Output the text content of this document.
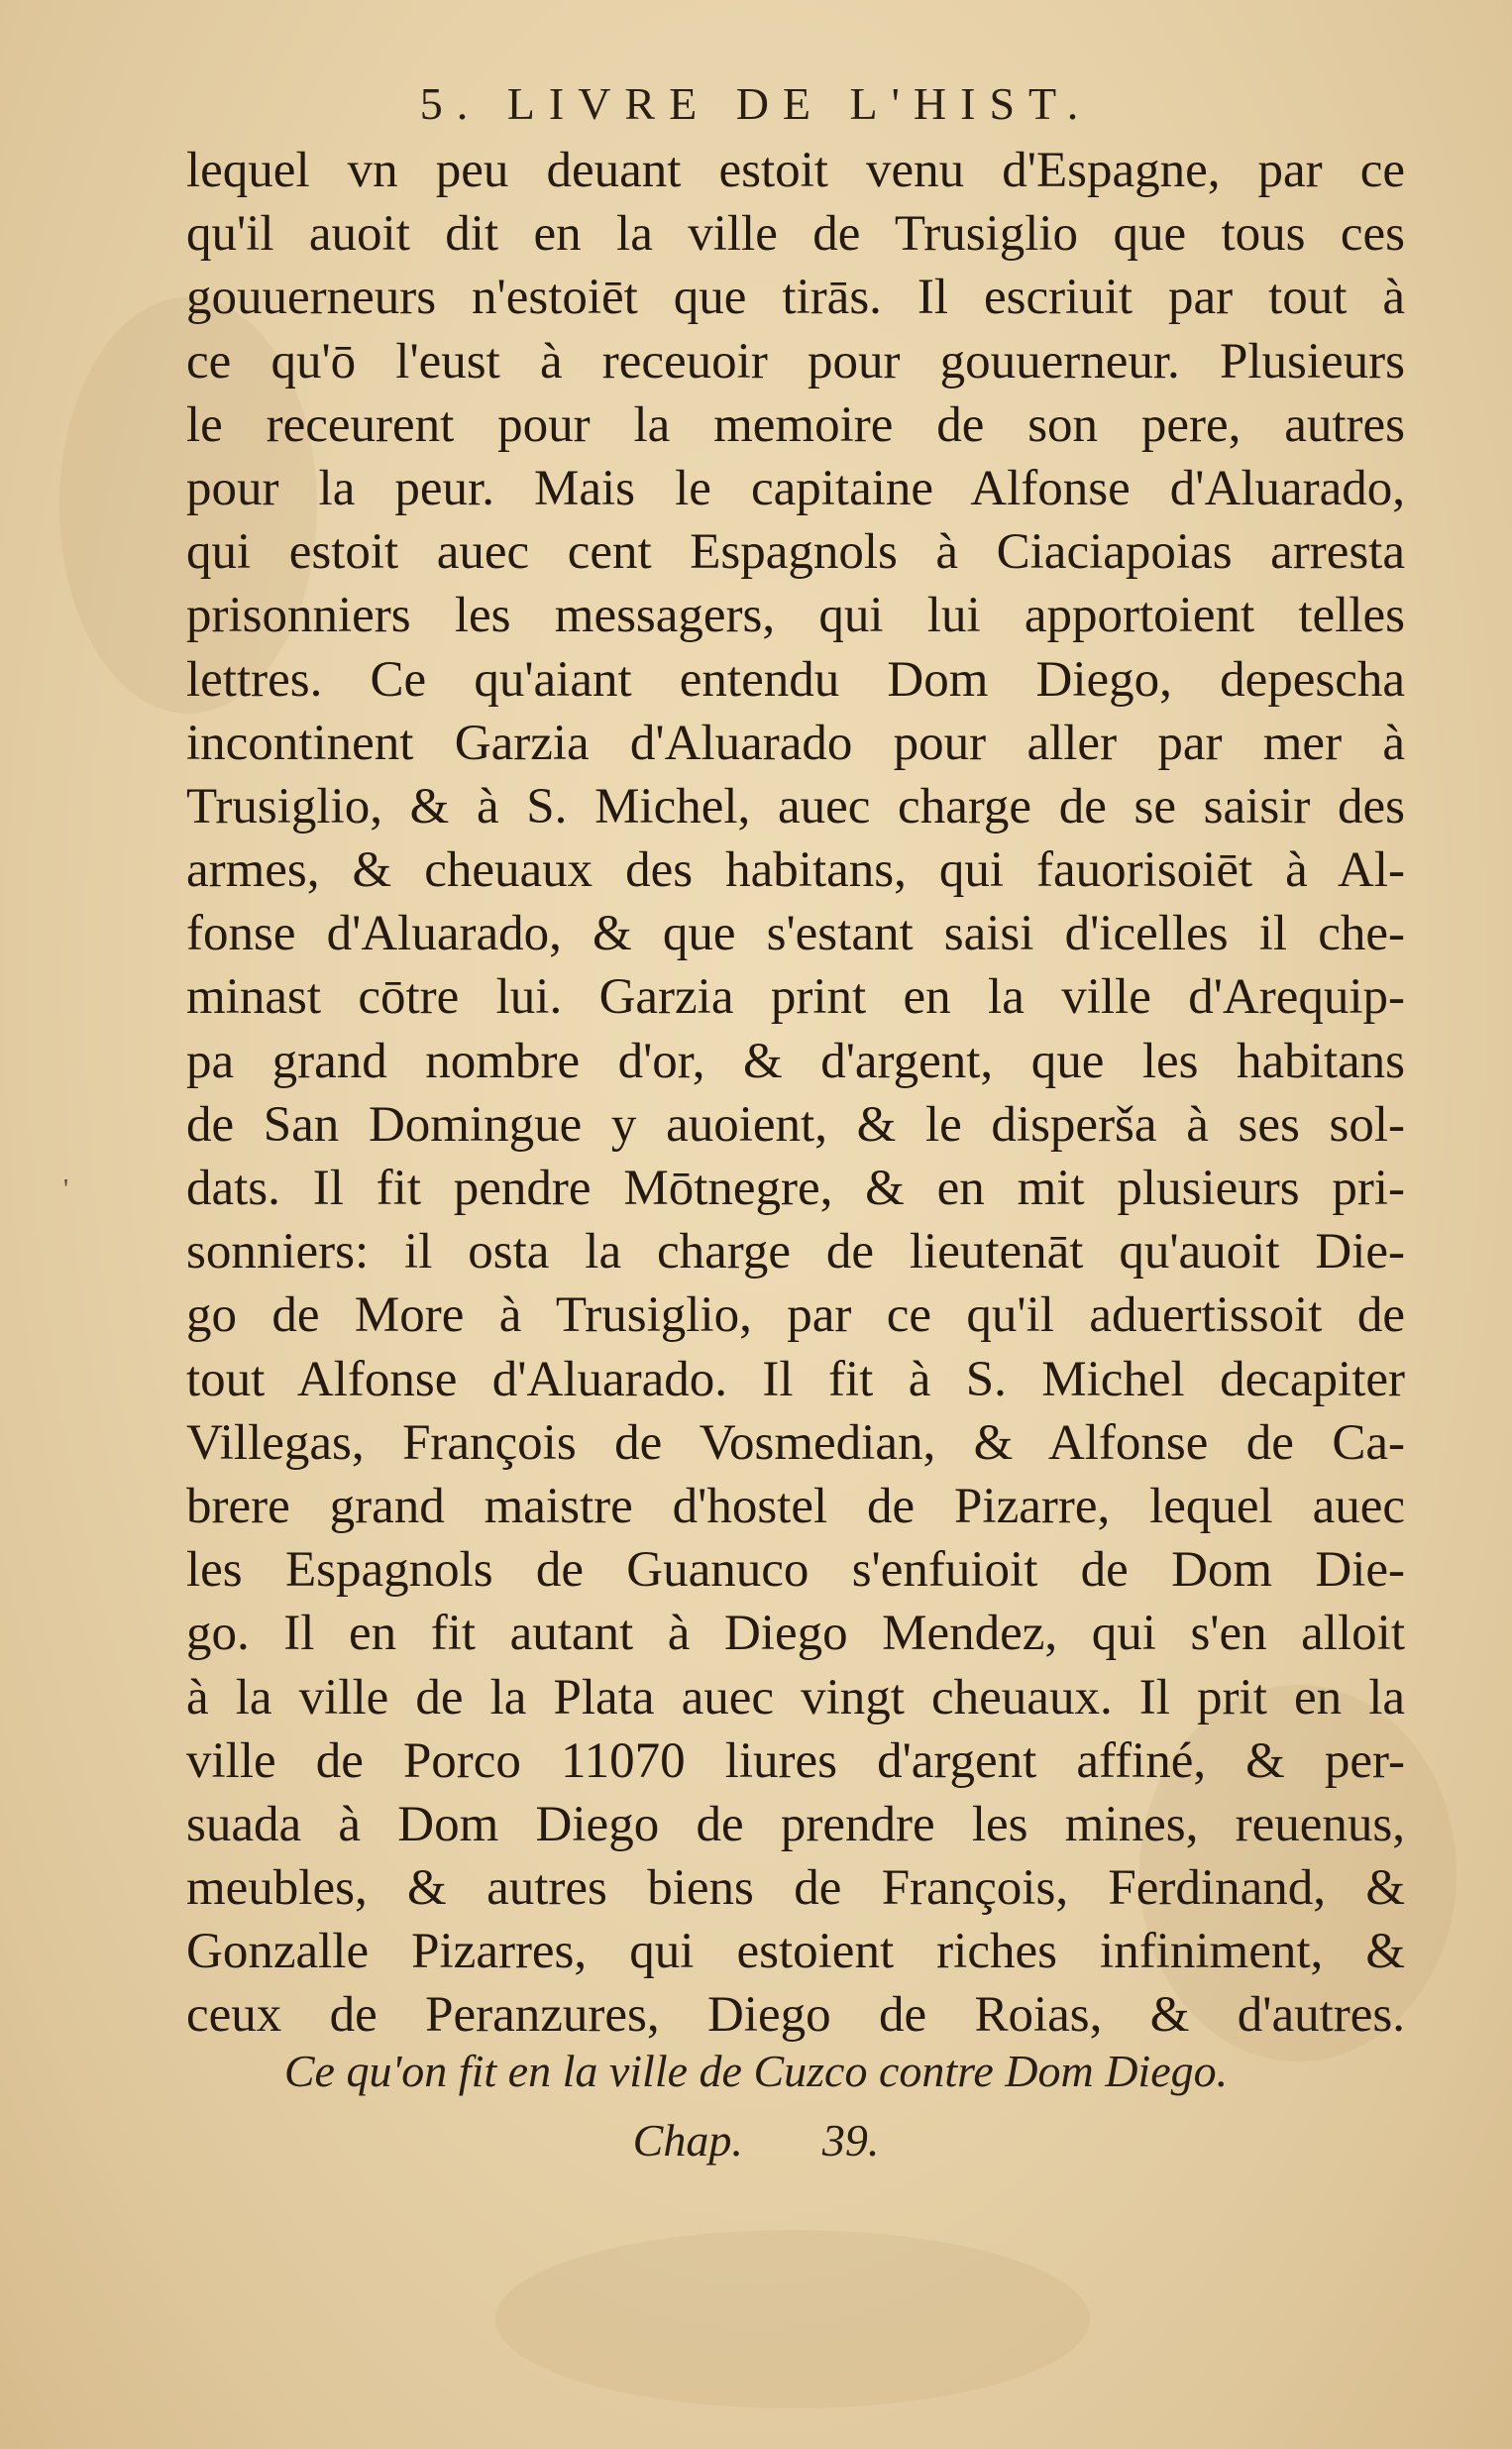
5. LIVRE DE L'HIST.
lequel vn peu deuant estoit venu d'Espagne, par ce
qu'il auoit dit en la ville de Trusiglio que tous ces
gouuerneurs n'estoiēt que tirās. Il escriuit par tout à
ce qu'ō l'eust à receuoir pour gouuerneur. Plusieurs
le receurent pour la memoire de son pere, autres
pour la peur. Mais le capitaine Alfonse d'Aluarado,
qui estoit auec cent Espagnols à Ciaciapoias arresta
prisonniers les messagers, qui lui apportoient telles
lettres. Ce qu'aiant entendu Dom Diego, depescha
incontinent Garzia d'Aluarado pour aller par mer à
Trusiglio, & à S. Michel, auec charge de se saisir des
armes, & cheuaux des habitans, qui fauorisoiēt à Al-
fonse d'Aluarado, & que s'estant saisi d'icelles il che-
minast cōtre lui. Garzia print en la ville d'Arequip-
pa grand nombre d'or, & d'argent, que les habitans
de San Domingue y auoient, & le disperša à ses sol-
dats. Il fit pendre Mōtnegre, & en mit plusieurs pri-
sonniers: il osta la charge de lieutenāt qu'auoit Die-
go de More à Trusiglio, par ce qu'il aduertissoit de
tout Alfonse d'Aluarado. Il fit à S. Michel decapiter
Villegas, François de Vosmedian, & Alfonse de Ca-
brere grand maistre d'hostel de Pizarre, lequel auec
les Espagnols de Guanuco s'enfuioit de Dom Die-
go. Il en fit autant à Diego Mendez, qui s'en alloit
à la ville de la Plata auec vingt cheuaux. Il prit en la
ville de Porco 11070 liures d'argent affiné, & per-
suada à Dom Diego de prendre les mines, reuenus,
meubles, & autres biens de François, Ferdinand, &
Gonzalle Pizarres, qui estoient riches infiniment, &
ceux de Peranzures, Diego de Roias, & d'autres.
Ce qu'on fit en la ville de Cuzco contre Dom Diego.
Chap. 39.
'
